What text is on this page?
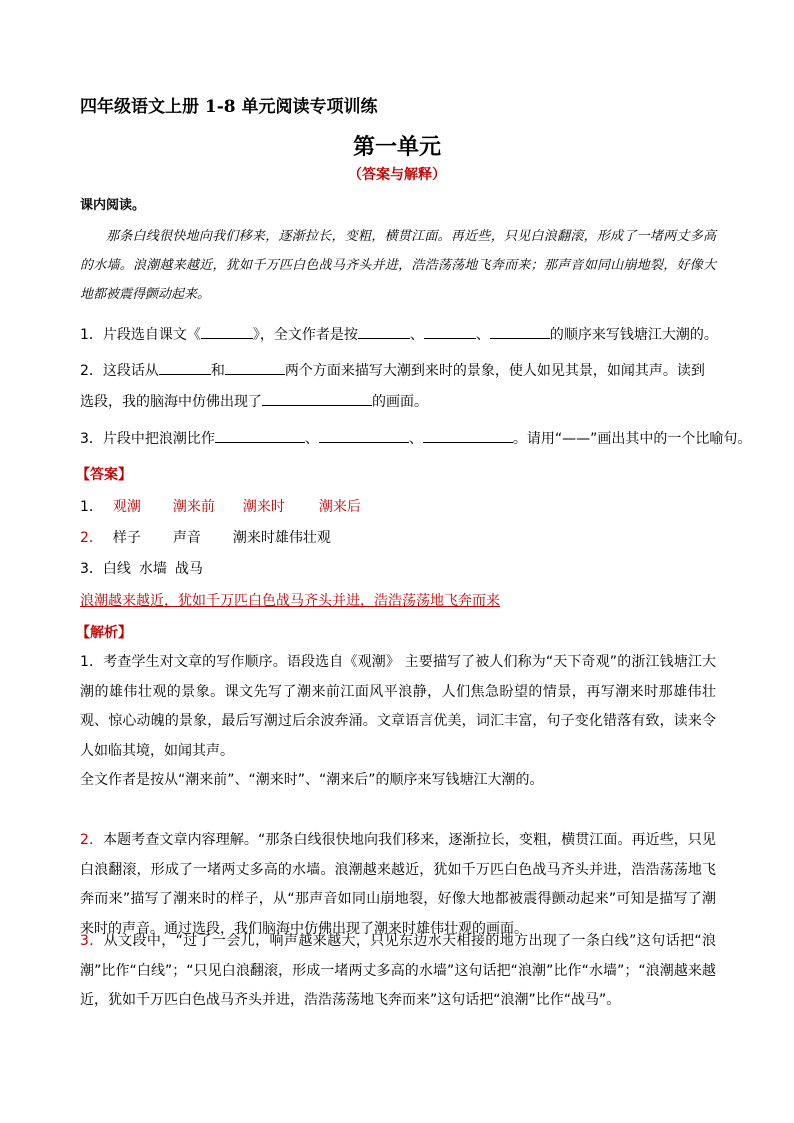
四年级语文上册 1-8 单元阅读专项训练
第一单元
（答案与解释）
课内阅读。

那条白线很快地向我们移来，逐渐拉长，变粗，横贯江面。再近些，只见白浪翻滚，形成了一堵两丈多高的水墙。浪潮越来越近，犹如千万匹白色战马齐头并进，浩浩荡荡地飞奔而来；那声音如同山崩地裂，好像大地都被震得颤动起来。

1．片段选自课文《	》，全文作者是按	、	、	的顺序来写钱塘江大潮的。
2．这段话从	和	两个方面来描写大潮到来时的景象，使人如见其景，如闻其声。读到
选段，我的脑海中仿佛出现了	的画面。
3．片段中把浪潮比作	、	、	。请用“——”画出其中的一个比喻句。
【答案】
1． 观潮 潮来前 潮来时 潮来后
2． 样子 声音 潮来时雄伟壮观
3．白线 水墙 战马
浪潮越来越近，犹如千万匹白色战马齐头并进，浩浩荡荡地飞奔而来
【解析】

1．考查学生对文章的写作顺序。语段选自《观潮》 主要描写了被人们称为“天下奇观”的浙江钱塘江大潮的雄伟壮观的景象。课文先写了潮来前江面风平浪静，人们焦急盼望的情景，再写潮来时那雄伟壮观、惊心动魄的景象，最后写潮过后余波奔涌。文章语言优美，词汇丰富，句子变化错落有致，读来令人如临其境，如闻其声。

全文作者是按从“潮来前”、“潮来时”、“潮来后”的顺序来写钱塘江大潮的。

2．本题考查文章内容理解。“那条白线很快地向我们移来，逐渐拉长，变粗，横贯江面。再近些，只见白浪翻滚，形成了一堵两丈多高的水墙。浪潮越来越近，犹如千万匹白色战马齐头并进，浩浩荡荡地飞奔而来”描写了潮来时的样子，从“那声音如同山崩地裂，好像大地都被震得颤动起来”可知是描写了潮来时的声音。通过选段，我们脑海中仿佛出现了潮来时雄伟壮观的画面。

3．从文段中，“过了一会儿，响声越来越大，只见东边水天相接的地方出现了一条白线”这句话把“浪潮”比作“白线”；“只见白浪翻滚，形成一堵两丈多高的水墙”这句话把“浪潮”比作“水墙”；“浪潮越来越近，犹如千万匹白色战马齐头并进，浩浩荡荡地飞奔而来”这句话把“浪潮”比作“战马”。
